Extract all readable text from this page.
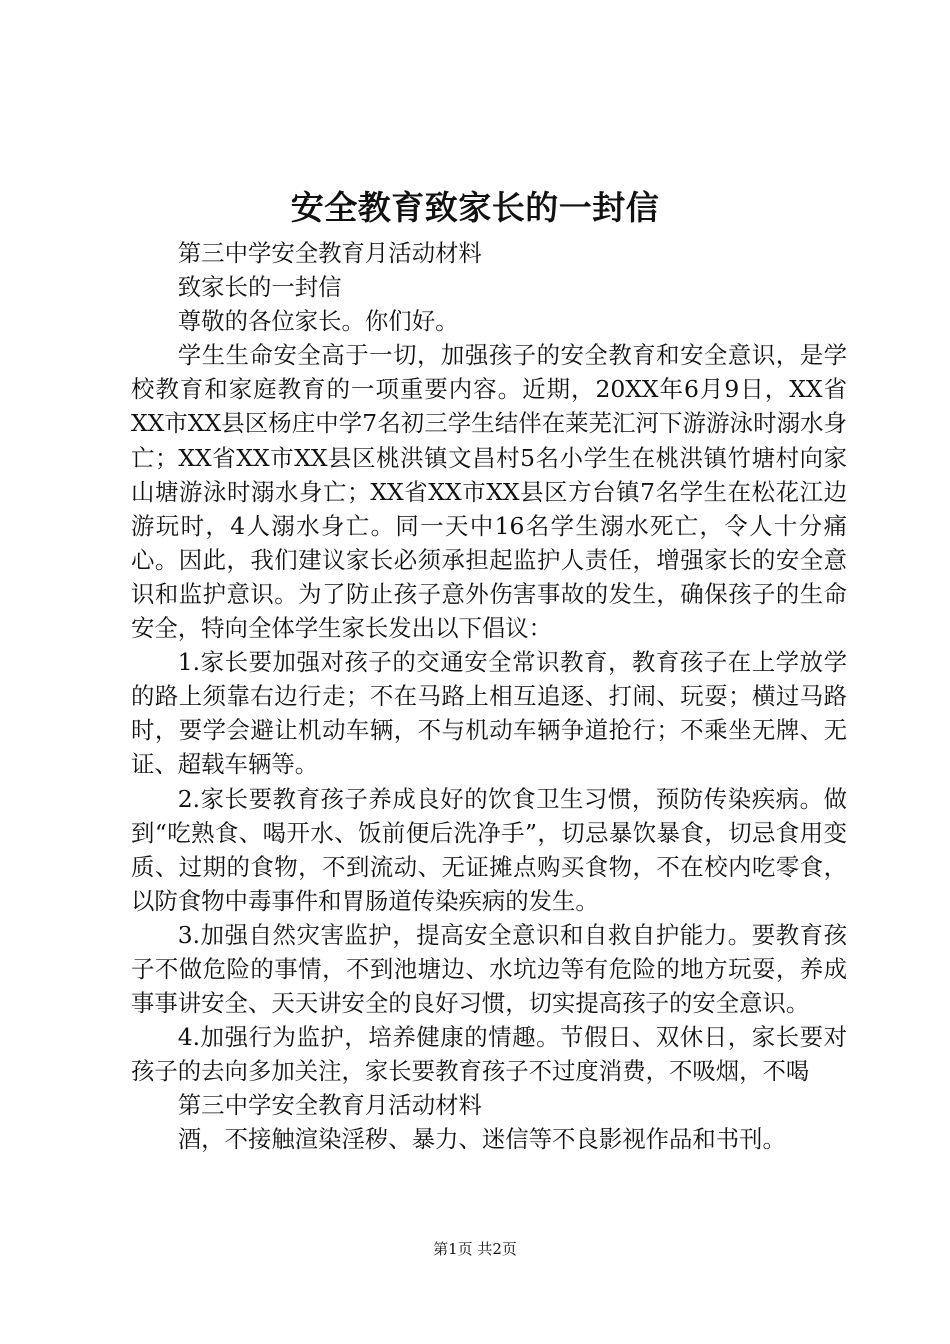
安全教育致家长的一封信

第三中学安全教育月活动材料

致家长的一封信

尊敬的各位家长。你们好。

学生生命安全高于一切，加强孩子的安全教育和安全意识，是学校教育和家庭教育的一项重要内容。近期，20XX年6月9日，XX省XX市XX县区杨庄中学7名初三学生结伴在莱芜汇河下游游泳时溺水身亡；XX省XX市XX县区桃洪镇文昌村5名小学生在桃洪镇竹塘村向家山塘游泳时溺水身亡；XX省XX市XX县区方台镇7名学生在松花江边游玩时，4人溺水身亡。同一天中16名学生溺水死亡，令人十分痛心。因此，我们建议家长必须承担起监护人责任，增强家长的安全意识和监护意识。为了防止孩子意外伤害事故的发生，确保孩子的生命安全，特向全体学生家长发出以下倡议：

1.家长要加强对孩子的交通安全常识教育，教育孩子在上学放学的路上须靠右边行走；不在马路上相互追逐、打闹、玩耍；横过马路时，要学会避让机动车辆，不与机动车辆争道抢行；不乘坐无牌、无证、超载车辆等。

2.家长要教育孩子养成良好的饮食卫生习惯，预防传染疾病。做到“吃熟食、喝开水、饭前便后洗净手”，切忌暴饮暴食，切忌食用变质、过期的食物，不到流动、无证摊点购买食物，不在校内吃零食，以防食物中毒事件和胃肠道传染疾病的发生。

3.加强自然灾害监护，提高安全意识和自救自护能力。要教育孩子不做危险的事情，不到池塘边、水坑边等有危险的地方玩耍，养成事事讲安全、天天讲安全的良好习惯，切实提高孩子的安全意识。

4.加强行为监护，培养健康的情趣。节假日、双休日，家长要对孩子的去向多加关注，家长要教育孩子不过度消费，不吸烟，不喝

第三中学安全教育月活动材料

酒，不接触渲染淫秽、暴力、迷信等不良影视作品和书刊。

第1页 共2页
